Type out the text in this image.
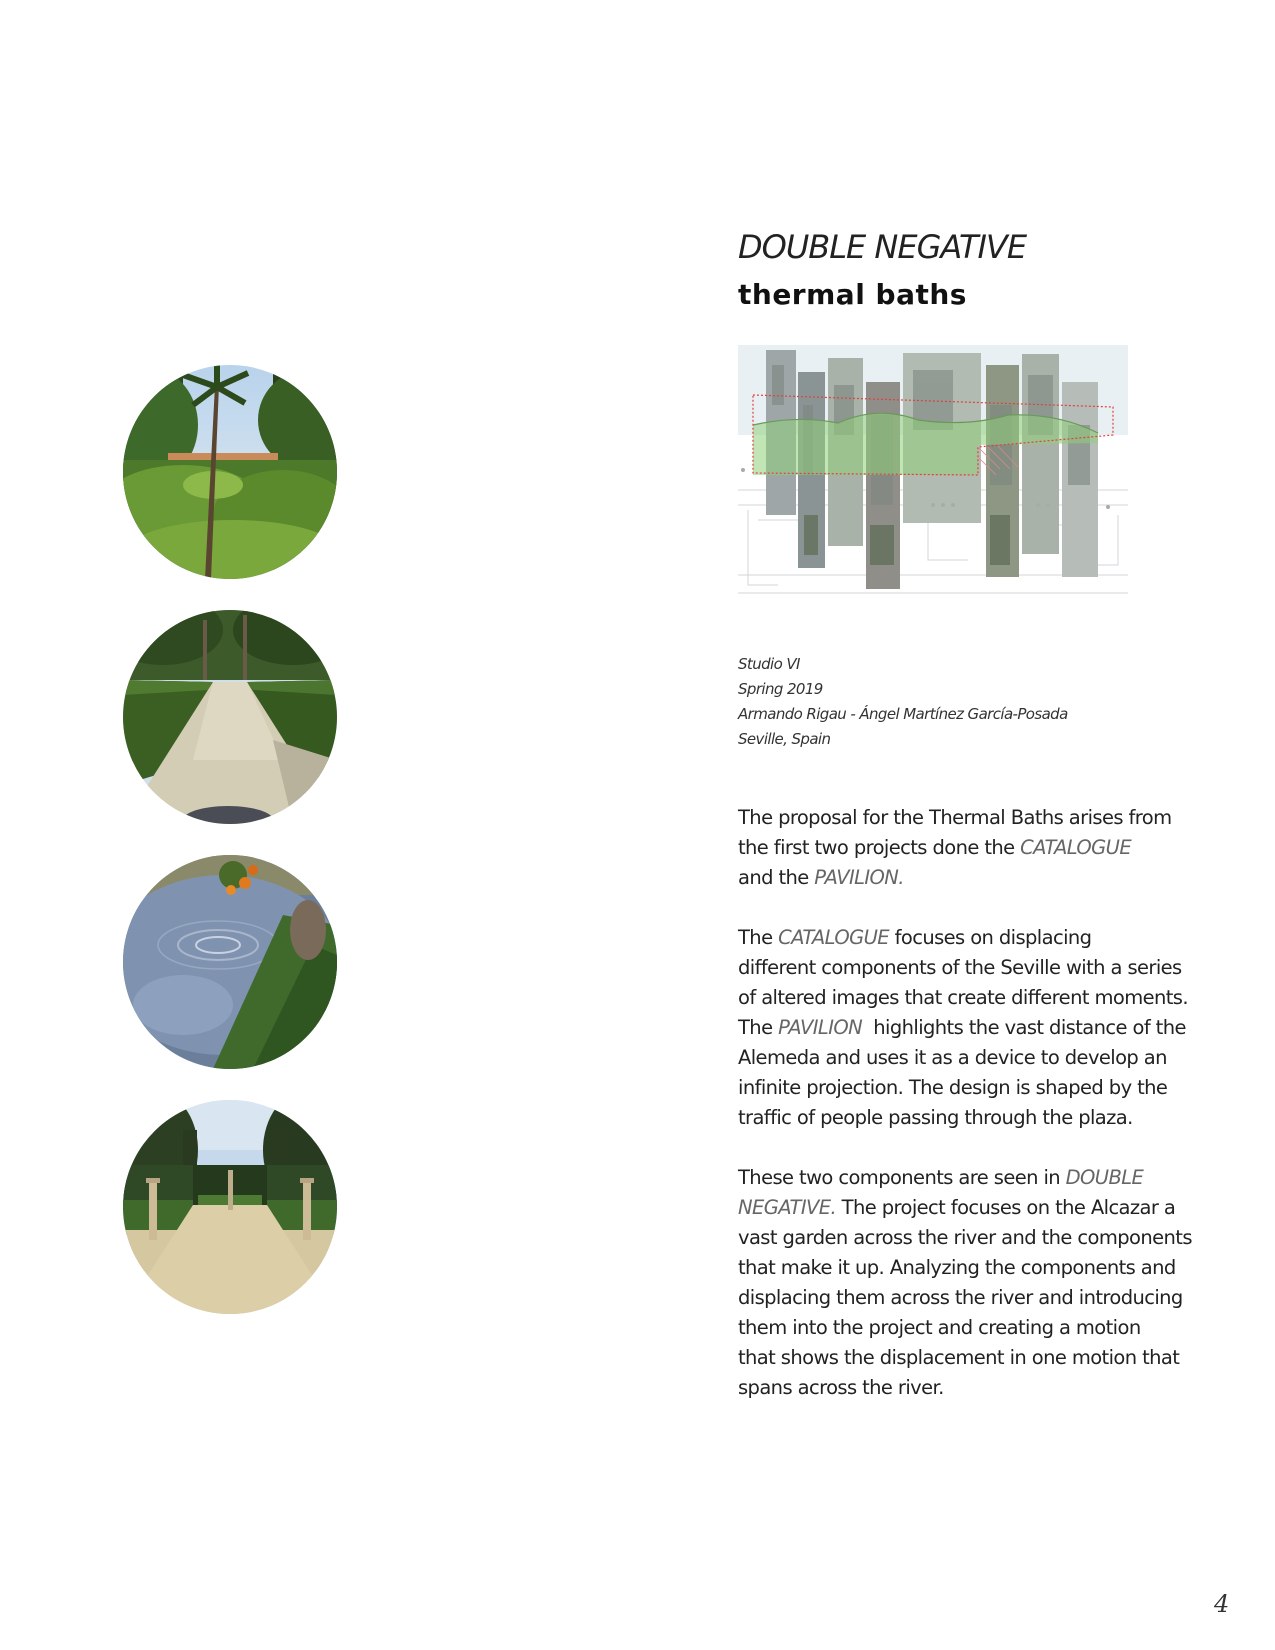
DOUBLE NEGATIVE
thermal baths
Studio VI
Spring 2019
Armando Rigau - Ángel Martínez García-Posada
Seville, Spain
The proposal for the Thermal Baths arises from
the first two projects done the CATALOGUE
and the PAVILION.
The CATALOGUE focuses on displacing
different components of the Seville with a series
of altered images that create different moments.
The PAVILION  highlights the vast distance of the
Alemeda and uses it as a device to develop an
infinite projection. The design is shaped by the
traffic of people passing through the plaza.
These two components are seen in DOUBLE
NEGATIVE. The project focuses on the Alcazar a
vast garden across the river and the components
that make it up. Analyzing the components and
displacing them across the river and introducing
them into the project and creating a motion
that shows the displacement in one motion that
spans across the river.
4
